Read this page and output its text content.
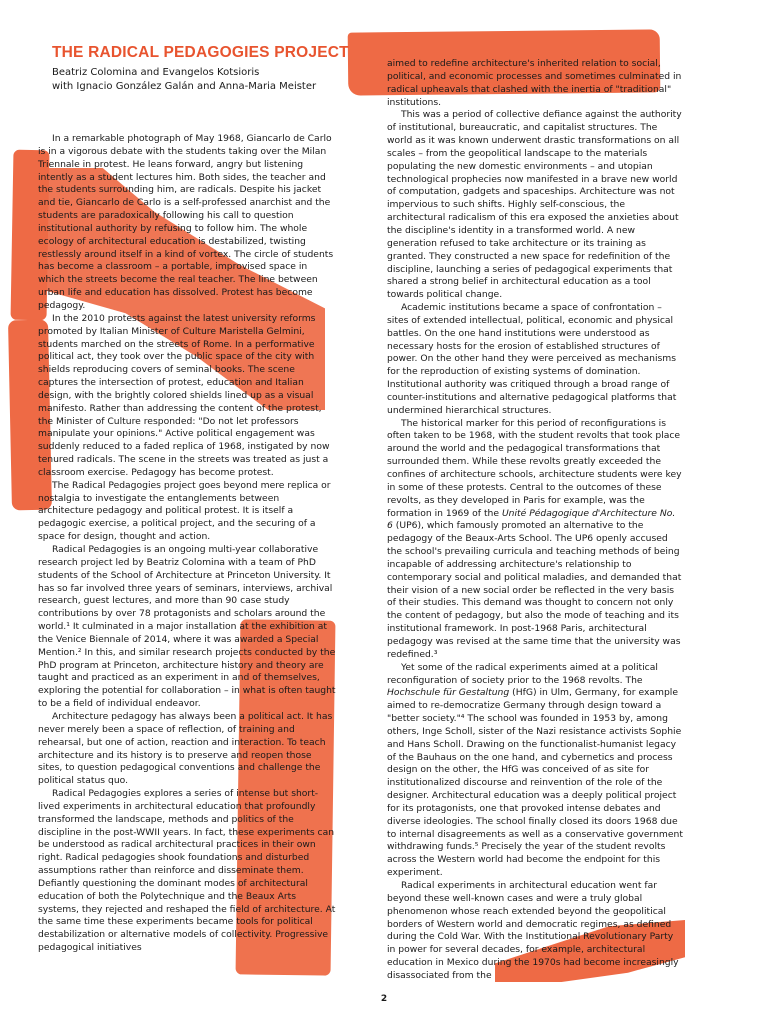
THE RADICAL PEDAGOGIES PROJECT

Beatriz Colomina and Evangelos Kotsioris

with Ignacio González Galán and Anna-Maria Meister

In a remarkable photograph of May 1968, Giancarlo de Carlo is in a vigorous debate with the students taking over the Milan Triennale in protest. He leans forward, angry but listening intently as a student lectures him. Both sides, the teacher and the students surrounding him, are radicals. Despite his jacket and tie, Giancarlo de Carlo is a self-professed anarchist and the students are paradoxically following his call to question institutional authority by refusing to follow him. The whole ecology of architectural education is destabilized, twisting restlessly around itself in a kind of vortex. The circle of students has become a classroom – a portable, improvised space in which the streets become the real teacher. The line between urban life and education has dissolved. Protest has become pedagogy.

In the 2010 protests against the latest university reforms promoted by Italian Minister of Culture Maristella Gelmini, students marched on the streets of Rome. In a performative political act, they took over the public space of the city with shields reproducing covers of seminal books. The scene captures the intersection of protest, education and Italian design, with the brightly colored shields lined up as a visual manifesto. Rather than addressing the content of the protest, the Minister of Culture responded: "Do not let professors manipulate your opinions." Active political engagement was suddenly reduced to a faded replica of 1968, instigated by now tenured radicals. The scene in the streets was treated as just a classroom exercise. Pedagogy has become protest.

The Radical Pedagogies project goes beyond mere replica or nostalgia to investigate the entanglements between architecture pedagogy and political protest. It is itself a pedagogic exercise, a political project, and the securing of a space for design, thought and action.

Radical Pedagogies is an ongoing multi-year collaborative research project led by Beatriz Colomina with a team of PhD students of the School of Architecture at Princeton University. It has so far involved three years of seminars, interviews, archival research, guest lectures, and more than 90 case study contributions by over 78 protagonists and scholars around the world.¹ It culminated in a major installation at the exhibition at the Venice Biennale of 2014, where it was awarded a Special Mention.² In this, and similar research projects conducted by the PhD program at Princeton, architecture history and theory are taught and practiced as an experiment in and of themselves, exploring the potential for collaboration – in what is often taught to be a field of individual endeavor.

Architecture pedagogy has always been a political act. It has never merely been a space of reflection, of training and rehearsal, but one of action, reaction and interaction. To teach architecture and its history is to preserve and reopen those sites, to question pedagogical conventions and challenge the political status quo.

Radical Pedagogies explores a series of intense but short-lived experiments in architectural education that profoundly transformed the landscape, methods and politics of the discipline in the post-WWII years. In fact, these experiments can be understood as radical architectural practices in their own right. Radical pedagogies shook foundations and disturbed assumptions rather than reinforce and disseminate them. Defiantly questioning the dominant modes of architectural education of both the Polytechnique and the Beaux Arts systems, they rejected and reshaped the field of architecture. At the same time these experiments became tools for political destabilization or alternative models of collectivity. Progressive pedagogical initiatives

aimed to redefine architecture's inherited relation to social, political, and economic processes and sometimes culminated in radical upheavals that clashed with the inertia of "traditional" institutions.

This was a period of collective defiance against the authority of institutional, bureaucratic, and capitalist structures. The world as it was known underwent drastic transformations on all scales – from the geopolitical landscape to the materials populating the new domestic environments – and utopian technological prophecies now manifested in a brave new world of computation, gadgets and spaceships. Architecture was not impervious to such shifts. Highly self-conscious, the architectural radicalism of this era exposed the anxieties about the discipline's identity in a transformed world. A new generation refused to take architecture or its training as granted. They constructed a new space for redefinition of the discipline, launching a series of pedagogical experiments that shared a strong belief in architectural education as a tool towards political change.

Academic institutions became a space of confrontation – sites of extended intellectual, political, economic and physical battles. On the one hand institutions were understood as necessary hosts for the erosion of established structures of power. On the other hand they were perceived as mechanisms for the reproduction of existing systems of domination. Institutional authority was critiqued through a broad range of counter-institutions and alternative pedagogical platforms that undermined hierarchical structures.

The historical marker for this period of reconfigurations is often taken to be 1968, with the student revolts that took place around the world and the pedagogical transformations that surrounded them. While these revolts greatly exceeded the confines of architecture schools, architecture students were key in some of these protests. Central to the outcomes of these revolts, as they developed in Paris for example, was the formation in 1969 of the Unité Pédagogique d'Architecture No. 6 (UP6), which famously promoted an alternative to the pedagogy of the Beaux-Arts School. The UP6 openly accused the school's prevailing curricula and teaching methods of being incapable of addressing architecture's relationship to contemporary social and political maladies, and demanded that their vision of a new social order be reflected in the very basis of their studies. This demand was thought to concern not only the content of pedagogy, but also the mode of teaching and its institutional framework. In post-1968 Paris, architectural pedagogy was revised at the same time that the university was redefined.³

Yet some of the radical experiments aimed at a political reconfiguration of society prior to the 1968 revolts. The Hochschule für Gestaltung (HfG) in Ulm, Germany, for example aimed to re-democratize Germany through design toward a "better society."⁴ The school was founded in 1953 by, among others, Inge Scholl, sister of the Nazi resistance activists Sophie and Hans Scholl. Drawing on the functionalist-humanist legacy of the Bauhaus on the one hand, and cybernetics and process design on the other, the HfG was conceived of as site for institutionalized discourse and reinvention of the role of the designer. Architectural education was a deeply political project for its protagonists, one that provoked intense debates and diverse ideologies. The school finally closed its doors 1968 due to internal disagreements as well as a conservative government withdrawing funds.⁵ Precisely the year of the student revolts across the Western world had become the endpoint for this experiment.

Radical experiments in architectural education went far beyond these well-known cases and were a truly global phenomenon whose reach extended beyond the geopolitical borders of Western world and democratic regimes, as defined during the Cold War. With the Institutional Revolutionary Party in power for several decades, for example, architectural education in Mexico during the 1970s had become increasingly disassociated from the

2
